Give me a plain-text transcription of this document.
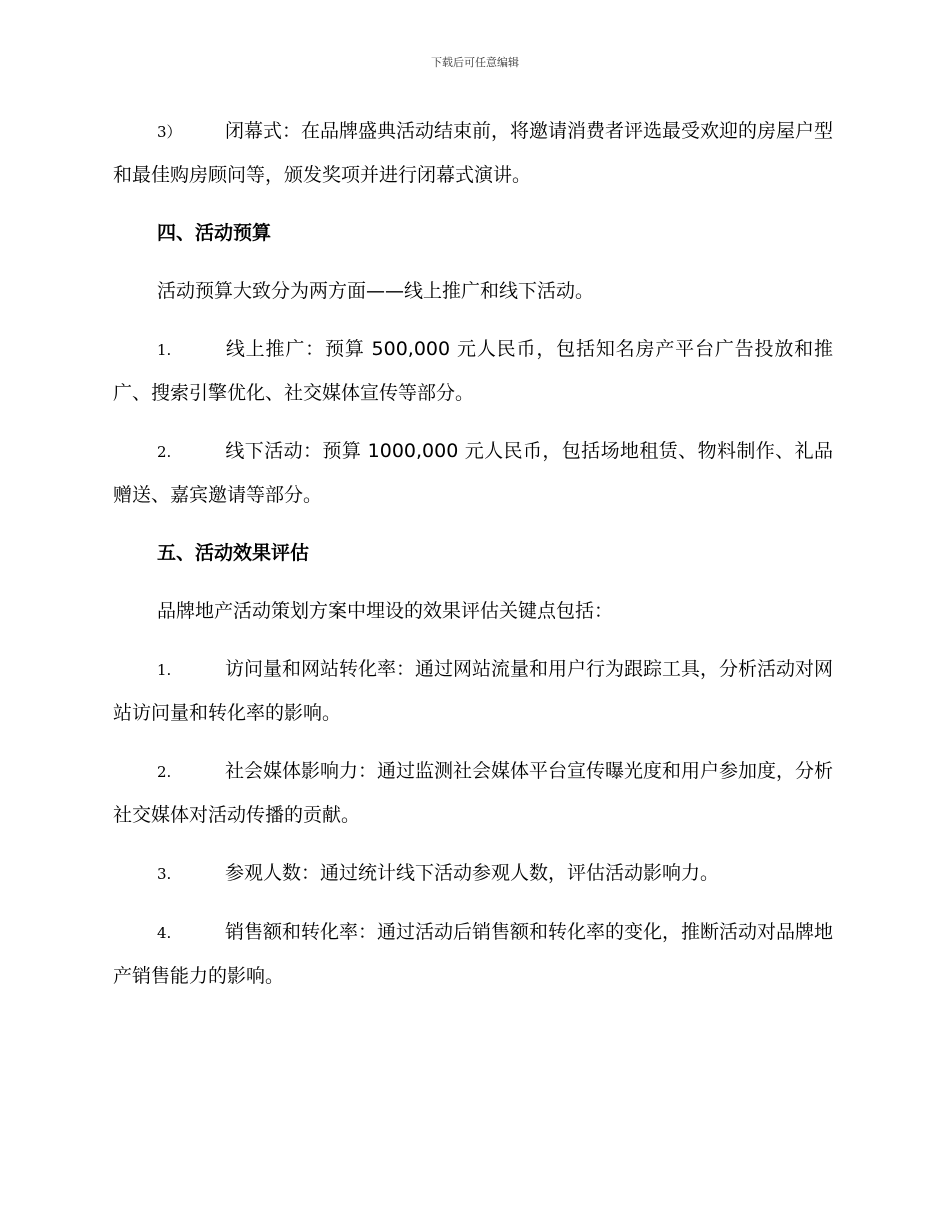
下载后可任意编辑

3） 闭幕式：在品牌盛典活动结束前，将邀请消费者评选最受欢迎的房屋户型和最佳购房顾问等，颁发奖项并进行闭幕式演讲。

四、活动预算

活动预算大致分为两方面——线上推广和线下活动。

1.	线上推广：预算 500,000 元人民币，包括知名房产平台广告投放和推广、搜索引擎优化、社交媒体宣传等部分。

2.	线下活动：预算 1000,000 元人民币，包括场地租赁、物料制作、礼品赠送、嘉宾邀请等部分。

五、活动效果评估

品牌地产活动策划方案中埋设的效果评估关键点包括：

1.	访问量和网站转化率：通过网站流量和用户行为跟踪工具，分析活动对网站访问量和转化率的影响。

2.	社会媒体影响力：通过监测社会媒体平台宣传曝光度和用户参加度，分析社交媒体对活动传播的贡献。

3.	参观人数：通过统计线下活动参观人数，评估活动影响力。

4.	销售额和转化率：通过活动后销售额和转化率的变化，推断活动对品牌地产销售能力的影响。
